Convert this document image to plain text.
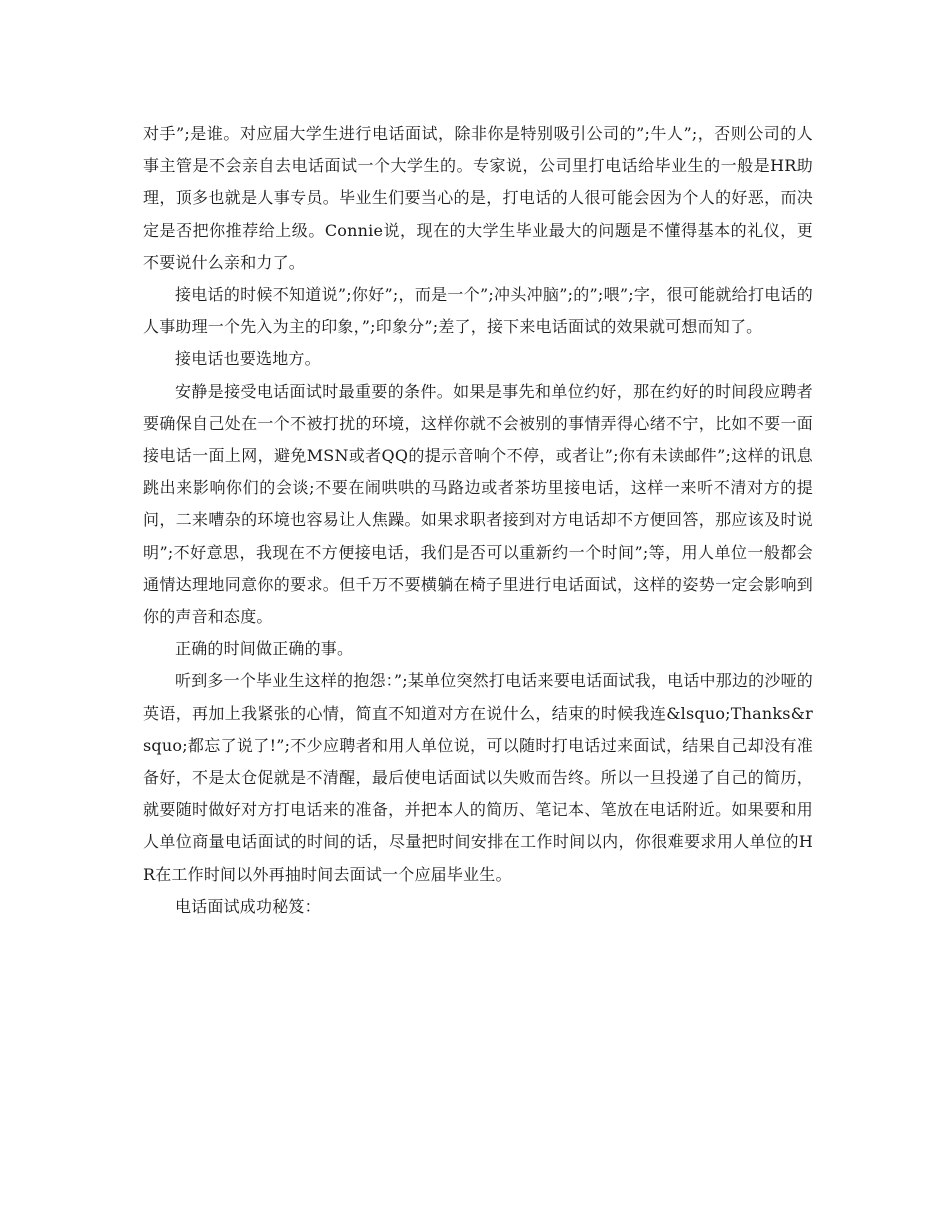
对手”;是谁。对应届大学生进行电话面试，除非你是特别吸引公司的”;牛人”;，否则公司的人事主管是不会亲自去电话面试一个大学生的。专家说，公司里打电话给毕业生的一般是HR助理，顶多也就是人事专员。毕业生们要当心的是，打电话的人很可能会因为个人的好恶，而决定是否把你推荐给上级。Connie说，现在的大学生毕业最大的问题是不懂得基本的礼仪，更不要说什么亲和力了。

接电话的时候不知道说”;你好”;，而是一个”;冲头冲脑”;的”;喂”;字，很可能就给打电话的人事助理一个先入为主的印象，”;印象分”;差了，接下来电话面试的效果就可想而知了。

接电话也要选地方。

安静是接受电话面试时最重要的条件。如果是事先和单位约好，那在约好的时间段应聘者要确保自己处在一个不被打扰的环境，这样你就不会被别的事情弄得心绪不宁，比如不要一面接电话一面上网，避免MSN或者QQ的提示音响个不停，或者让”;你有未读邮件”;这样的讯息跳出来影响你们的会谈;不要在闹哄哄的马路边或者茶坊里接电话，这样一来听不清对方的提问，二来嘈杂的环境也容易让人焦躁。如果求职者接到对方电话却不方便回答，那应该及时说明”;不好意思，我现在不方便接电话，我们是否可以重新约一个时间”;等，用人单位一般都会通情达理地同意你的要求。但千万不要横躺在椅子里进行电话面试，这样的姿势一定会影响到你的声音和态度。

正确的时间做正确的事。

听到多一个毕业生这样的抱怨：”;某单位突然打电话来要电话面试我，电话中那边的沙哑的英语，再加上我紧张的心情，简直不知道对方在说什么，结束的时候我连&lsquo;Thanks&rsquo;都忘了说了!”;不少应聘者和用人单位说，可以随时打电话过来面试，结果自己却没有准备好，不是太仓促就是不清醒，最后使电话面试以失败而告终。所以一旦投递了自己的简历，就要随时做好对方打电话来的准备，并把本人的简历、笔记本、笔放在电话附近。如果要和用人单位商量电话面试的时间的话，尽量把时间安排在工作时间以内，你很难要求用人单位的HR在工作时间以外再抽时间去面试一个应届毕业生。

电话面试成功秘笈：
